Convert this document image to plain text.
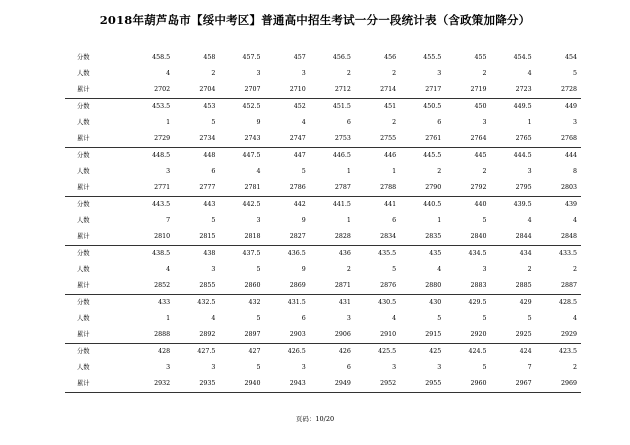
2018年葫芦岛市【绥中考区】普通高中招生考试一分一段统计表（含政策加降分）
分数	458.5	458	457.5	457	456.5	456	455.5	455	454.5	454
人数	4	2	3	3	2	2	3	2	4	5
累计	2702	2704	2707	2710	2712	2714	2717	2719	2723	2728
分数	453.5	453	452.5	452	451.5	451	450.5	450	449.5	449
人数	1	5	9	4	6	2	6	3	1	3
累计	2729	2734	2743	2747	2753	2755	2761	2764	2765	2768
分数	448.5	448	447.5	447	446.5	446	445.5	445	444.5	444
人数	3	6	4	5	1	1	2	2	3	8
累计	2771	2777	2781	2786	2787	2788	2790	2792	2795	2803
分数	443.5	443	442.5	442	441.5	441	440.5	440	439.5	439
人数	7	5	3	9	1	6	1	5	4	4
累计	2810	2815	2818	2827	2828	2834	2835	2840	2844	2848
分数	438.5	438	437.5	436.5	436	435.5	435	434.5	434	433.5
人数	4	3	5	9	2	5	4	3	2	2
累计	2852	2855	2860	2869	2871	2876	2880	2883	2885	2887
分数	433	432.5	432	431.5	431	430.5	430	429.5	429	428.5
人数	1	4	5	6	3	4	5	5	5	4
累计	2888	2892	2897	2903	2906	2910	2915	2920	2925	2929
分数	428	427.5	427	426.5	426	425.5	425	424.5	424	423.5
人数	3	3	5	3	6	3	3	5	7	2
累计	2932	2935	2940	2943	2949	2952	2955	2960	2967	2969
页码：10/20
